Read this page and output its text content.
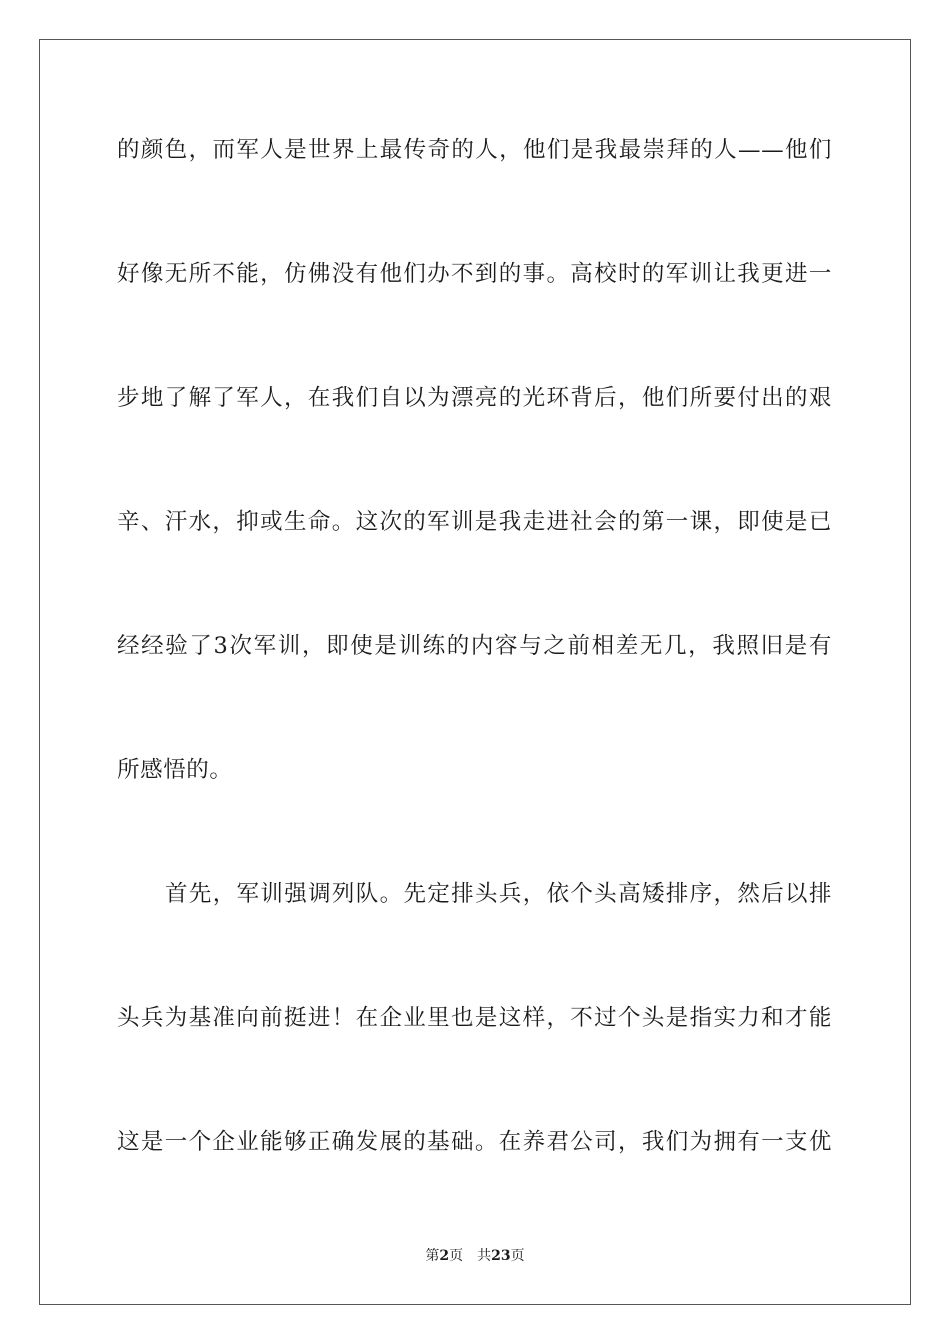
的颜色，而军人是世界上最传奇的人，他们是我最崇拜的人——他们

好像无所不能，仿佛没有他们办不到的事。高校时的军训让我更进一

步地了解了军人，在我们自以为漂亮的光环背后，他们所要付出的艰

辛、汗水，抑或生命。这次的军训是我走进社会的第一课，即使是已

经经验了3次军训，即使是训练的内容与之前相差无几，我照旧是有

所感悟的。

首先，军训强调列队。先定排头兵，依个头高矮排序，然后以排

头兵为基准向前挺进！在企业里也是这样，不过个头是指实力和才能

这是一个企业能够正确发展的基础。在养君公司，我们为拥有一支优

第2页 共23页
